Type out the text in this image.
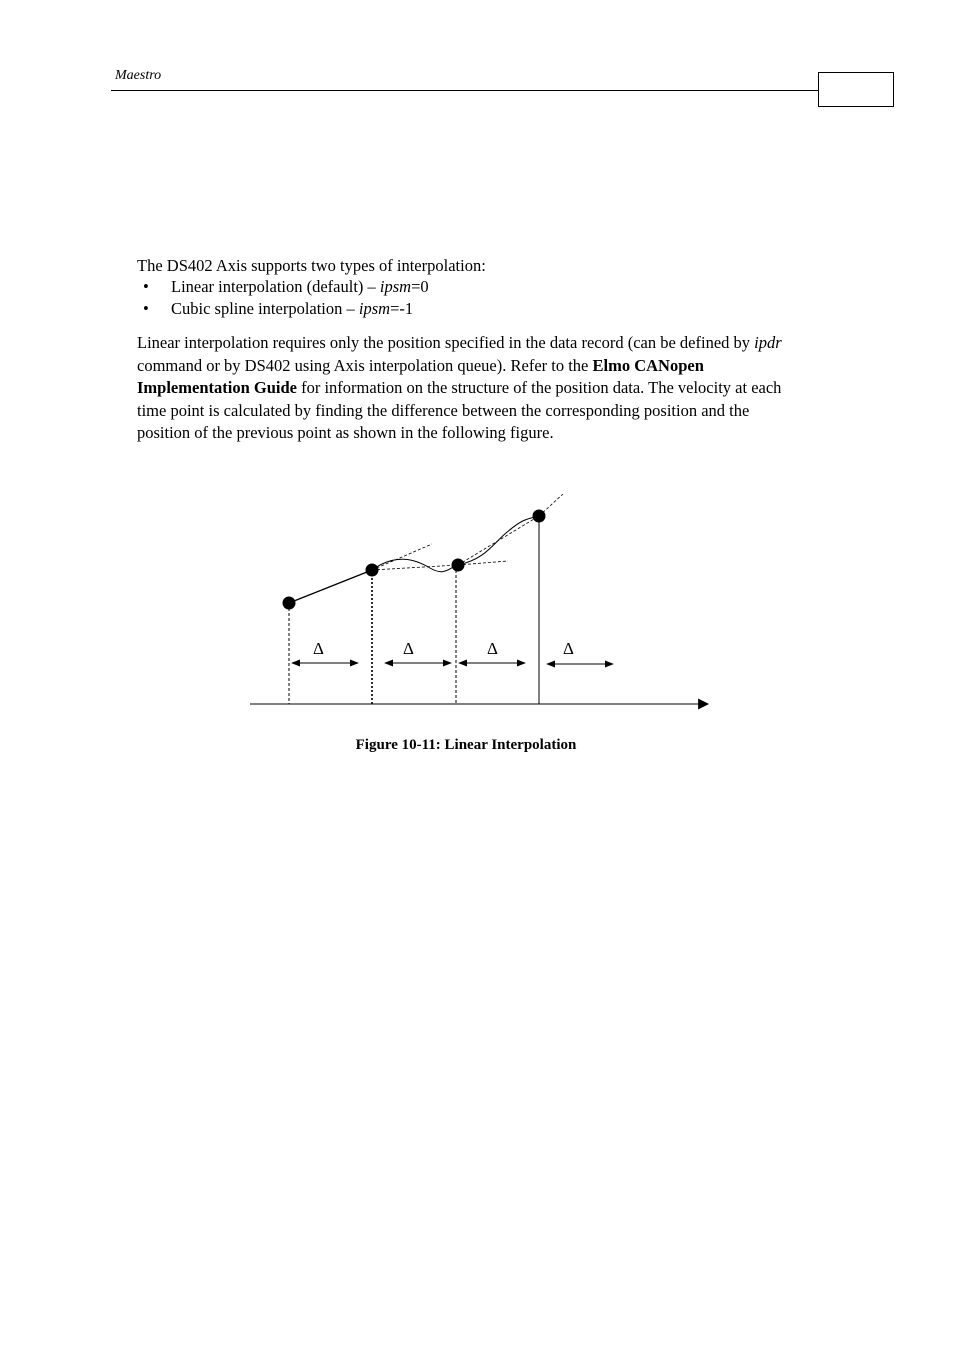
Maestro
The DS402 Axis supports two types of interpolation:
• Linear interpolation (default) – ipsm=0
• Cubic spline interpolation – ipsm=-1
Linear interpolation requires only the position specified in the data record (can be defined by ipdr command or by DS402 using Axis interpolation queue). Refer to the Elmo CANopen Implementation Guide for information on the structure of the position data. The velocity at each time point is calculated by finding the difference between the corresponding position and the position of the previous point as shown in the following figure.
Δ	Δ	Δ	Δ
Figure 10-11: Linear Interpolation
